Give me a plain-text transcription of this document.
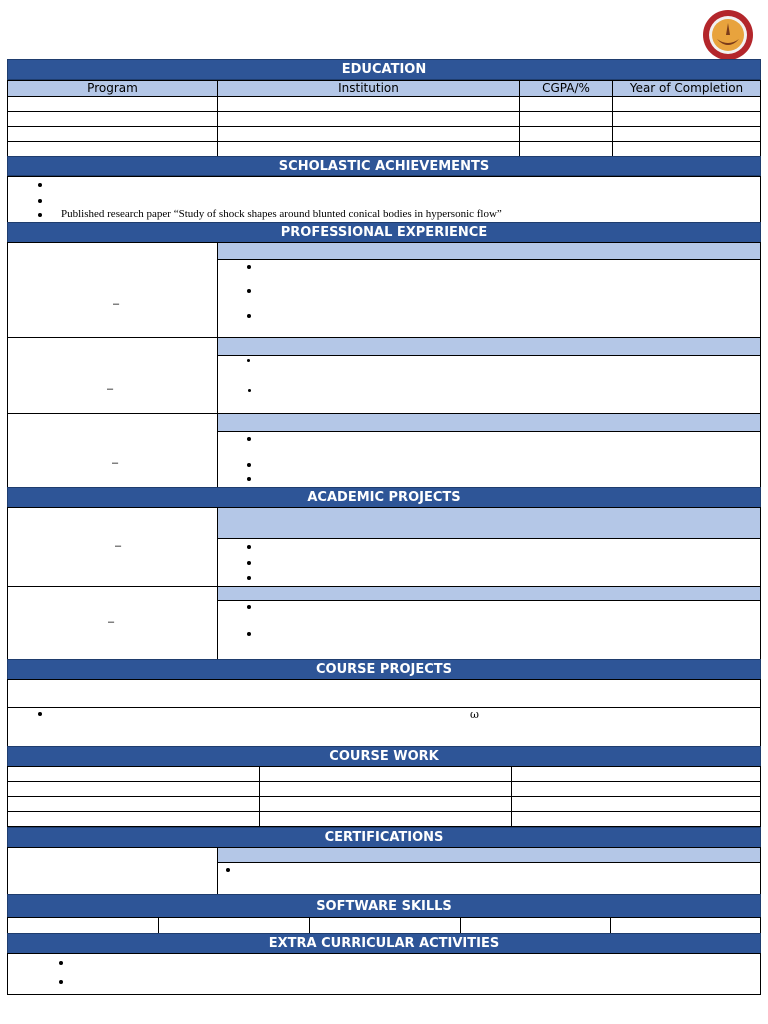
EDUCATION
Program	Institution	CGPA/%	Year of Completion
SCHOLASTIC ACHIEVEMENTS
Published research paper “Study of shock shapes around blunted conical bodies in hypersonic flow”
PROFESSIONAL EXPERIENCE
–
–
–
ACADEMIC PROJECTS
–
–
COURSE PROJECTS
ω
COURSE WORK
CERTIFICATIONS
SOFTWARE SKILLS
EXTRA CURRICULAR ACTIVITIES
